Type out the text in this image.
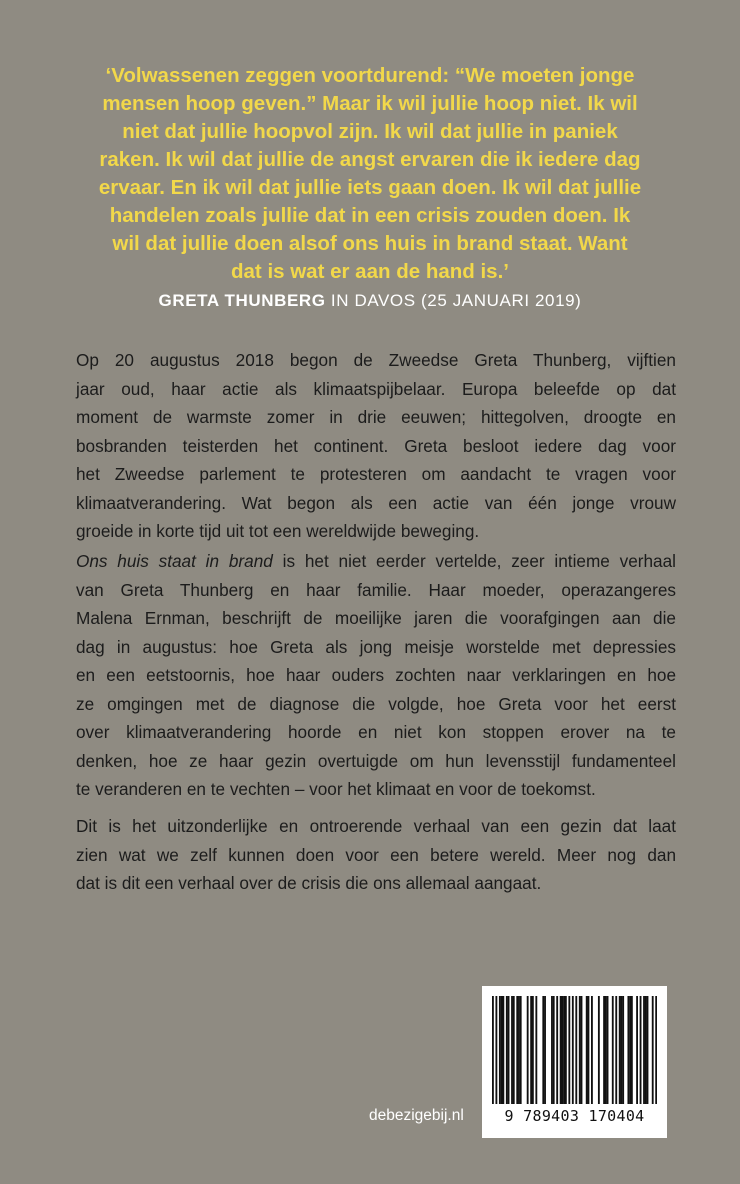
‘Volwassenen zeggen voortdurend: “We moeten jonge
mensen hoop geven.” Maar ik wil jullie hoop niet. Ik wil
niet dat jullie hoopvol zijn. Ik wil dat jullie in paniek
raken. Ik wil dat jullie de angst ervaren die ik iedere dag
ervaar. En ik wil dat jullie iets gaan doen. Ik wil dat jullie
handelen zoals jullie dat in een crisis zouden doen. Ik
wil dat jullie doen alsof ons huis in brand staat. Want
dat is wat er aan de hand is.’
GRETA THUNBERG IN DAVOS (25 JANUARI 2019)
Op 20 augustus 2018 begon de Zweedse Greta Thunberg, vijftien
jaar oud, haar actie als klimaatspijbelaar. Europa beleefde op dat
moment de warmste zomer in drie eeuwen; hittegolven, droogte en
bosbranden teisterden het continent. Greta besloot iedere dag voor
het Zweedse parlement te protesteren om aandacht te vragen voor
klimaatverandering. Wat begon als een actie van één jonge vrouw
groeide in korte tijd uit tot een wereldwijde beweging.
Ons huis staat in brand is het niet eerder vertelde, zeer intieme verhaal
van Greta Thunberg en haar familie. Haar moeder, operazangeres
Malena Ernman, beschrijft de moeilijke jaren die voorafgingen aan die
dag in augustus: hoe Greta als jong meisje worstelde met depressies
en een eetstoornis, hoe haar ouders zochten naar verklaringen en hoe
ze omgingen met de diagnose die volgde, hoe Greta voor het eerst
over klimaatverandering hoorde en niet kon stoppen erover na te
denken, hoe ze haar gezin overtuigde om hun levensstijl fundamenteel
te veranderen en te vechten – voor het klimaat en voor de toekomst.
Dit is het uitzonderlijke en ontroerende verhaal van een gezin dat laat
zien wat we zelf kunnen doen voor een betere wereld. Meer nog dan
dat is dit een verhaal over de crisis die ons allemaal aangaat.
debezigebij.nl	9 789403 170404
